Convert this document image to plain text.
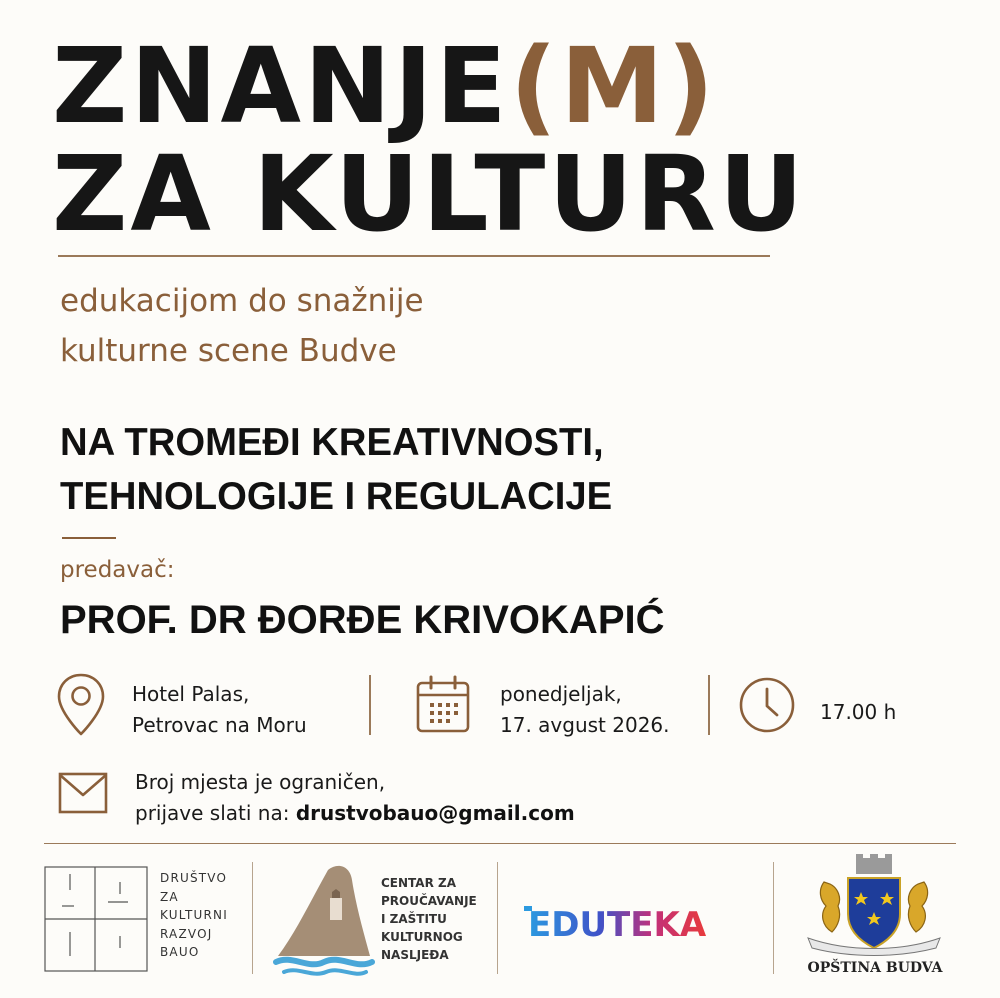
ZNANJE(M)
ZA KULTURU
edukacijom do snažnije
kulturne scene Budve
NA TROMEĐI KREATIVNOSTI,
TEHNOLOGIJE I REGULACIJE
predavač:
PROF. DR ĐORĐE KRIVOKAPIĆ
Hotel Palas,
Petrovac na Moru
ponedjeljak,
17. avgust 2026.
17.00 h
Broj mjesta je ograničen,
prijave slati na: drustvobauo@gmail.com
DRUŠTVO
ZA
KULTURNI
RAZVOJ
BAUO
CENTAR ZA
PROUČAVANJE
I ZAŠTITU
KULTURNOG
NASLJEĐA
EDUTEKA
OPŠTINA BUDVA
